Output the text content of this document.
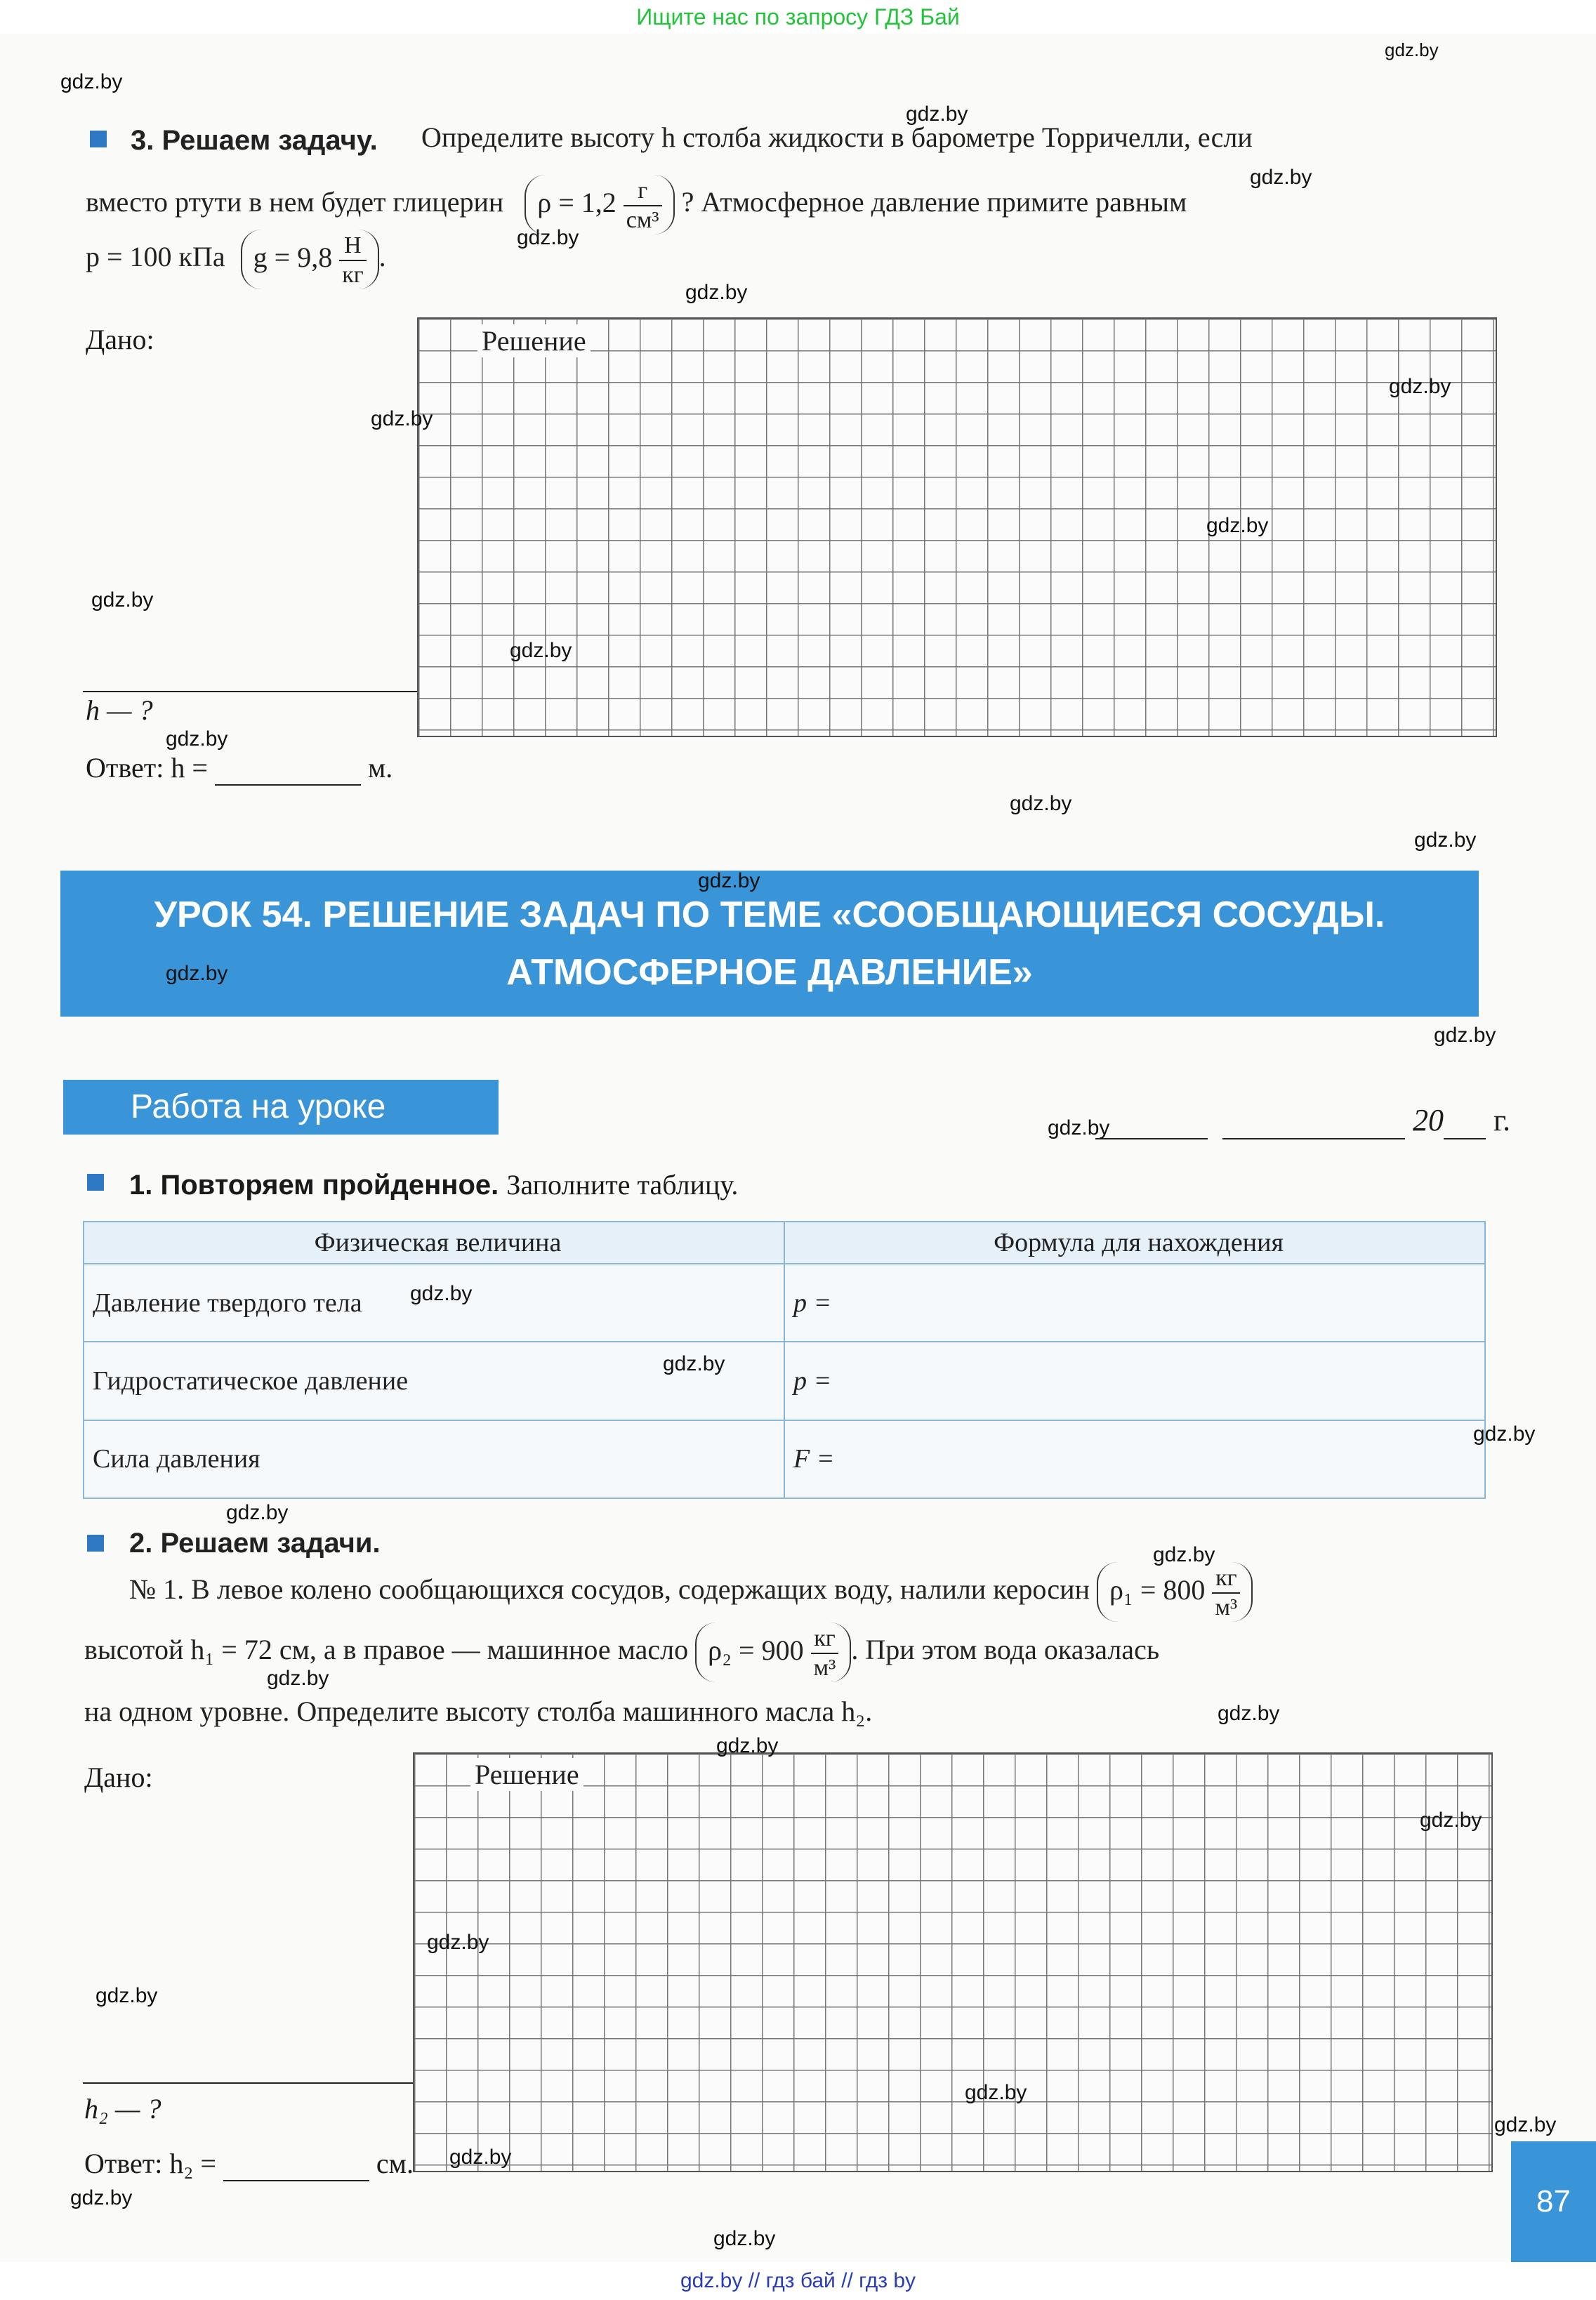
Ищите нас по запросу ГДЗ Бай
3. Решаем задачу. Определите высоту h столба жидкости в барометре Торричелли, если
вместо ртути в нем будет глицерин $\rho = 1,2 \frac{г}{\text{см³}}$ ? Атмосферное давление примите равным
p = 100 кПа $g = 9,8 \frac{Н}{кг}$ .
Дано:	Решение
h — ?
Ответ: h =	м.
УРОК 54. РЕШЕНИЕ ЗАДАЧ ПО ТЕМЕ «СООБЩАЮЩИЕСЯ СОСУДЫ.
АТМОСФЕРНОЕ ДАВЛЕНИЕ»
Работа на уроке	20 г.
1. Повторяем пройденное. Заполните таблицу.
Физическая величина	Формула для нахождения
Давление твердого тела	p =
Гидростатическое давление	p =
Сила давления	F =
2. Решаем задачи.
№ 1. В левое колено сообщающихся сосудов, содержащих воду, налили керосин $\rho_1 = 800 \frac{кг}{\text{м³}}$
высотой h₁ = 72 см, а в правое — машинное масло $\rho_2 = 900 \frac{кг}{\text{м³}}$ . При этом вода оказалась
на одном уровне. Определите высоту столба машинного масла h₂.
Дано:	Решение
h₂ — ?
Ответ: h₂ =	см.
87
gdz.by
gdz.by
gdz.by
gdz.by
gdz.by
gdz.by
gdz.by
gdz.by
gdz.by
gdz.by
gdz.by
gdz.by
gdz.by
gdz.by
gdz.by
gdz.by
gdz.by
gdz.by
gdz.by
gdz.by
gdz.by
gdz.by
gdz.by
gdz.by
gdz.by
gdz.by
gdz.by
gdz.by
gdz.by
gdz.by
gdz.by
gdz.by
gdz.by
gdz.by
gdz.by // гдз бай // гдз by
